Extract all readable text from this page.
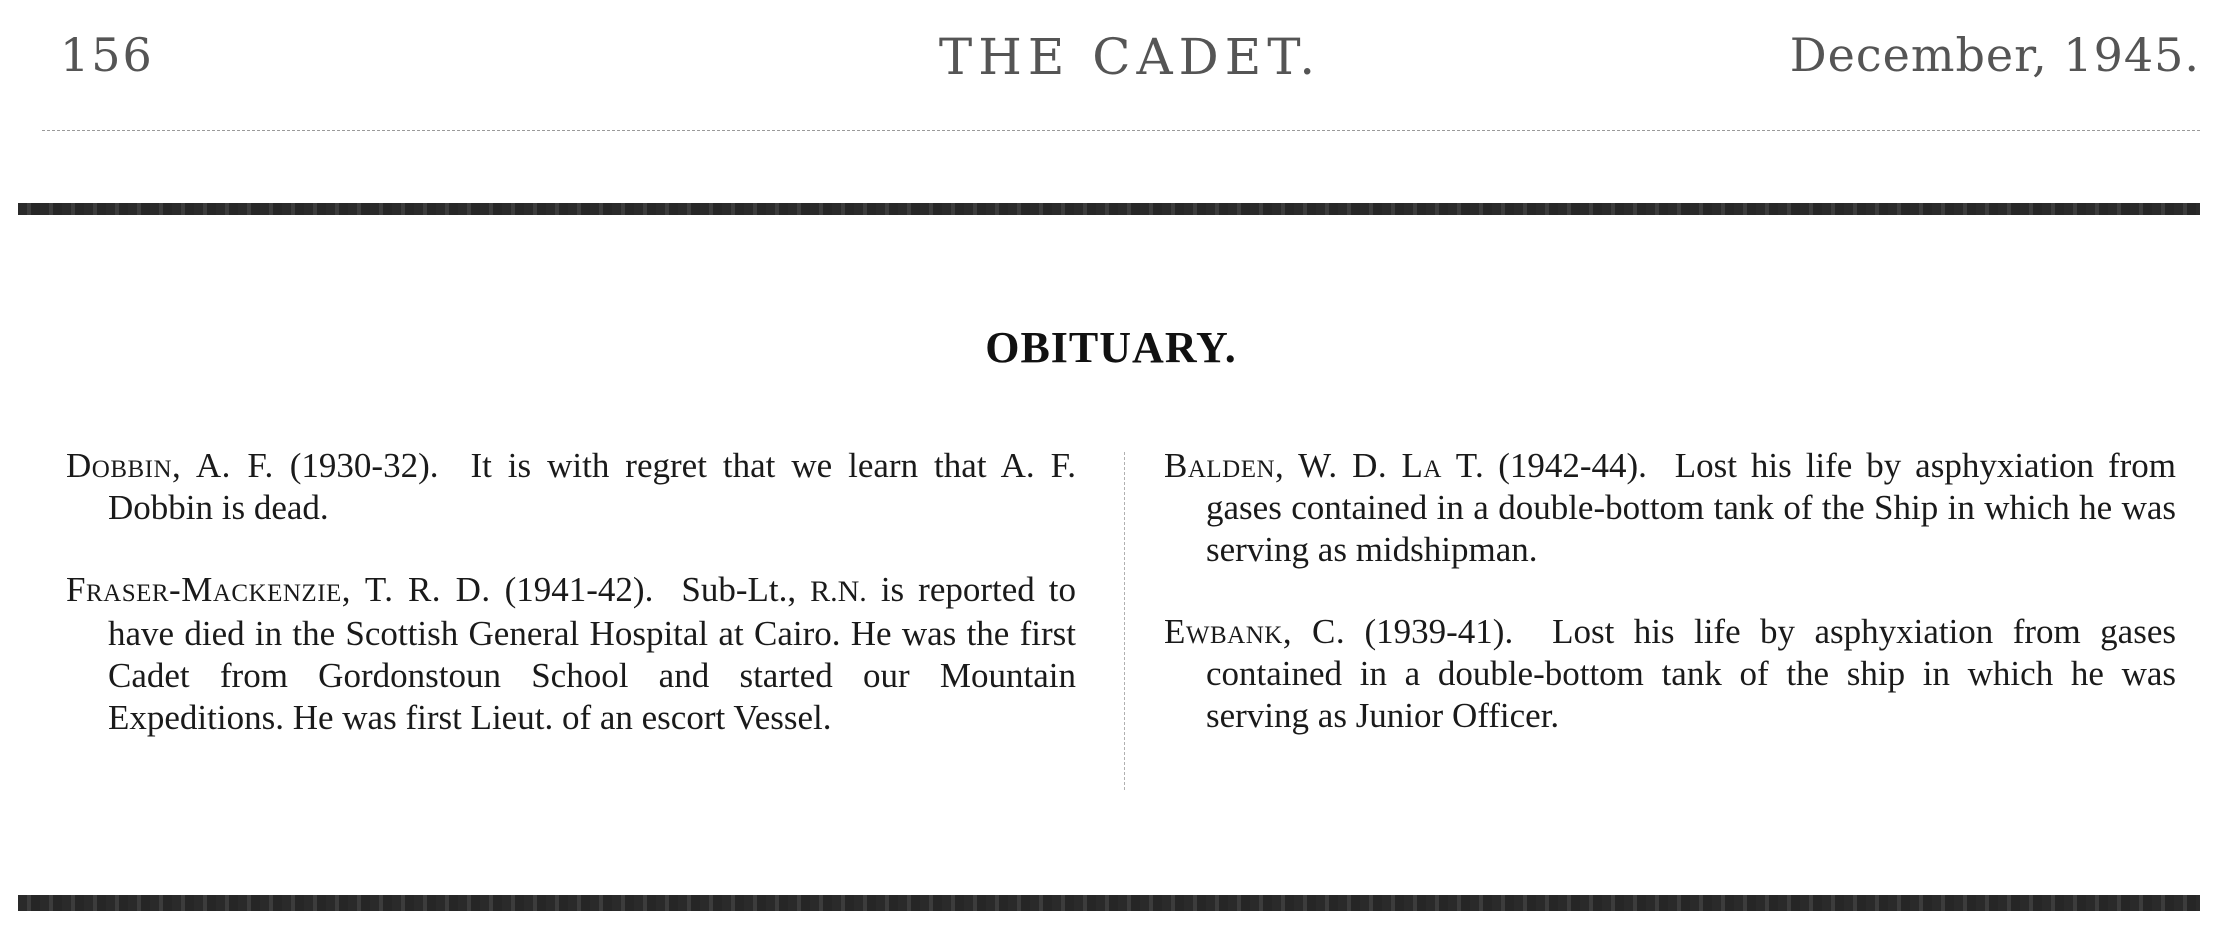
156	THE CADET.	December, 1945.
OBITUARY.

Dobbin, A. F. (1930-32). It is with regret that we learn that A. F. Dobbin is dead.

Fraser-Mackenzie, T. R. D. (1941-42). Sub-Lt., R.N. is reported to have died in the Scottish General Hospital at Cairo. He was the first Cadet from Gordonstoun School and started our Mountain Expeditions. He was first Lieut. of an escort Vessel.

Balden, W. D. La T. (1942-44). Lost his life by asphyxiation from gases contained in a double-bottom tank of the Ship in which he was serving as midshipman.

Ewbank, C. (1939-41). Lost his life by asphyxiation from gases contained in a double-bottom tank of the ship in which he was serving as Junior Officer.
